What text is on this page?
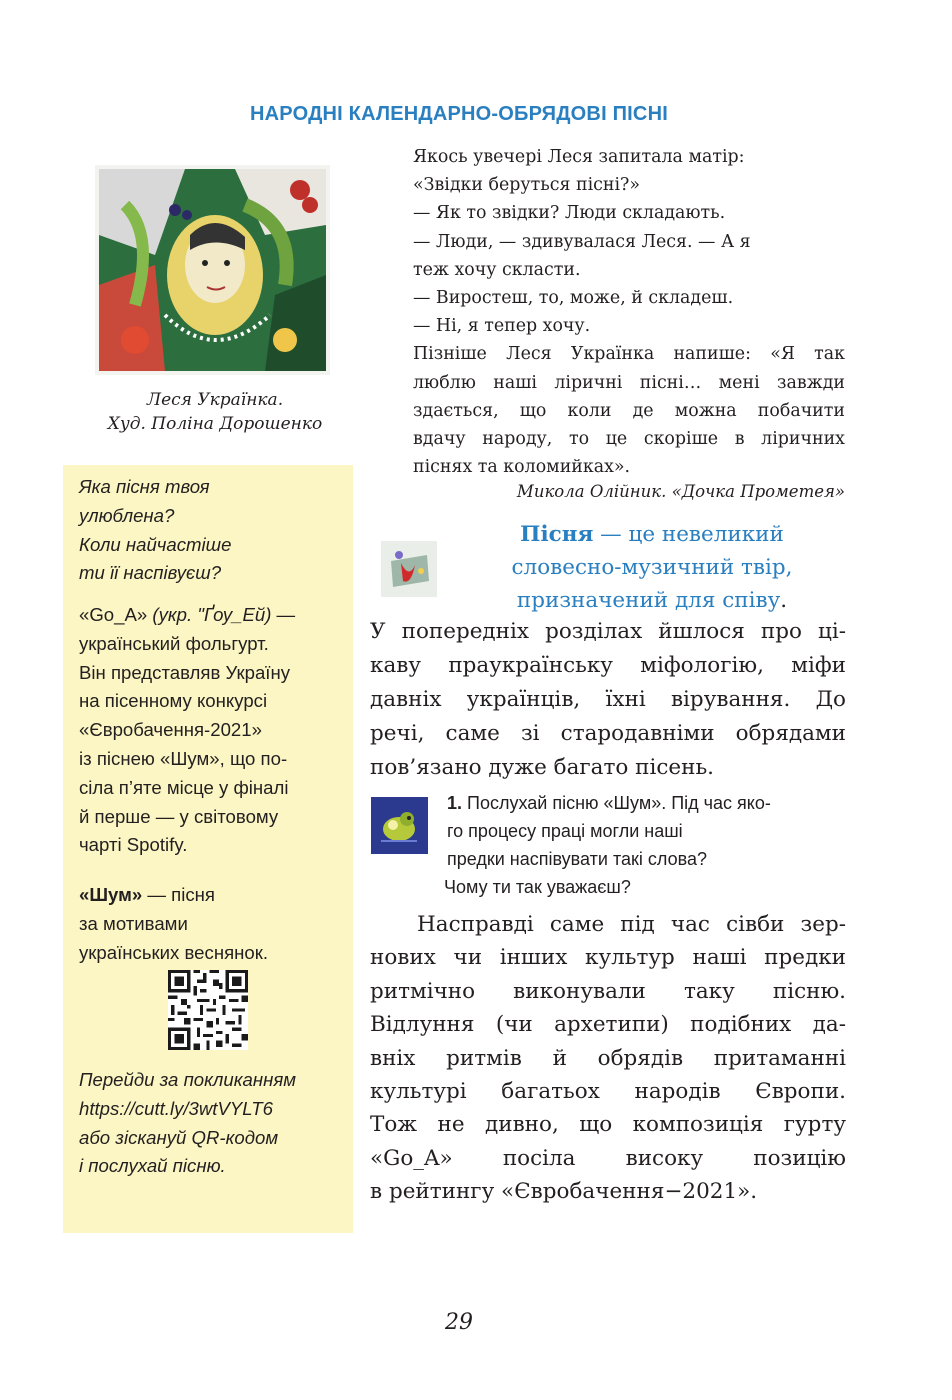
НАРОДНІ КАЛЕНДАРНО-ОБРЯДОВІ ПІСНІ
Леся Українка.
Худ. Поліна Дорошенко
Якось увечері Леся запитала матір:
«Звідки беруться пісні?»
— Як то звідки? Люди складають.
— Люди, — здивувалася Леся. — А я
теж хочу скласти.
— Виростеш, то, може, й складеш.
— Ні, я тепер хочу.
Пізніше Леся Українка напише: «Я так
люблю наші ліричні пісні… мені завжди
здається, що коли де можна побачити
вдачу народу, то це скоріше в ліричних
піснях та коломийках».
Микола Олійник. «Дочка Прометея»
Пісня — це невеликий
словесно-музичний твір,
призначений для співу.
У попередніх розділах йшлося про ці-
каву праукраїнську міфологію, міфи
давніх українців, їхні вірування. До
речі, саме зі стародавніми обрядами
пов’язано дуже багато пісень.
1. Послухай пісню «Шум». Під час яко-
го процесу праці могли наші
предки наспівувати такі слова?
Чому ти так уважаєш?
Насправді саме під час сівби зер-
нових чи інших культур наші предки
ритмічно виконували таку пісню.
Відлуння (чи архетипи) подібних да-
вніх ритмів й обрядів притаманні
культурі багатьох народів Європи.
Тож не дивно, що композиція гурту
«Go_A» посіла високу позицію
в рейтингу «Євробачення−2021».
Яка пісня твоя
улюблена?
Коли найчастіше
ти її наспівуєш?
«Go_A» (укр. "Ґоу_Ей) —
український фольгурт.
Він представляв Україну
на пісенному конкурсі
«Євробачення-2021»
із піснею «Шум», що по-
сіла п’яте місце у фіналі
й перше — у світовому
чарті Spotify.
«Шум» — пісня
за мотивами
українських веснянок.
Перейди за покликанням
https://cutt.ly/3wtVYLT6
або зіскануй QR-кодом
і послухай пісню.
29
